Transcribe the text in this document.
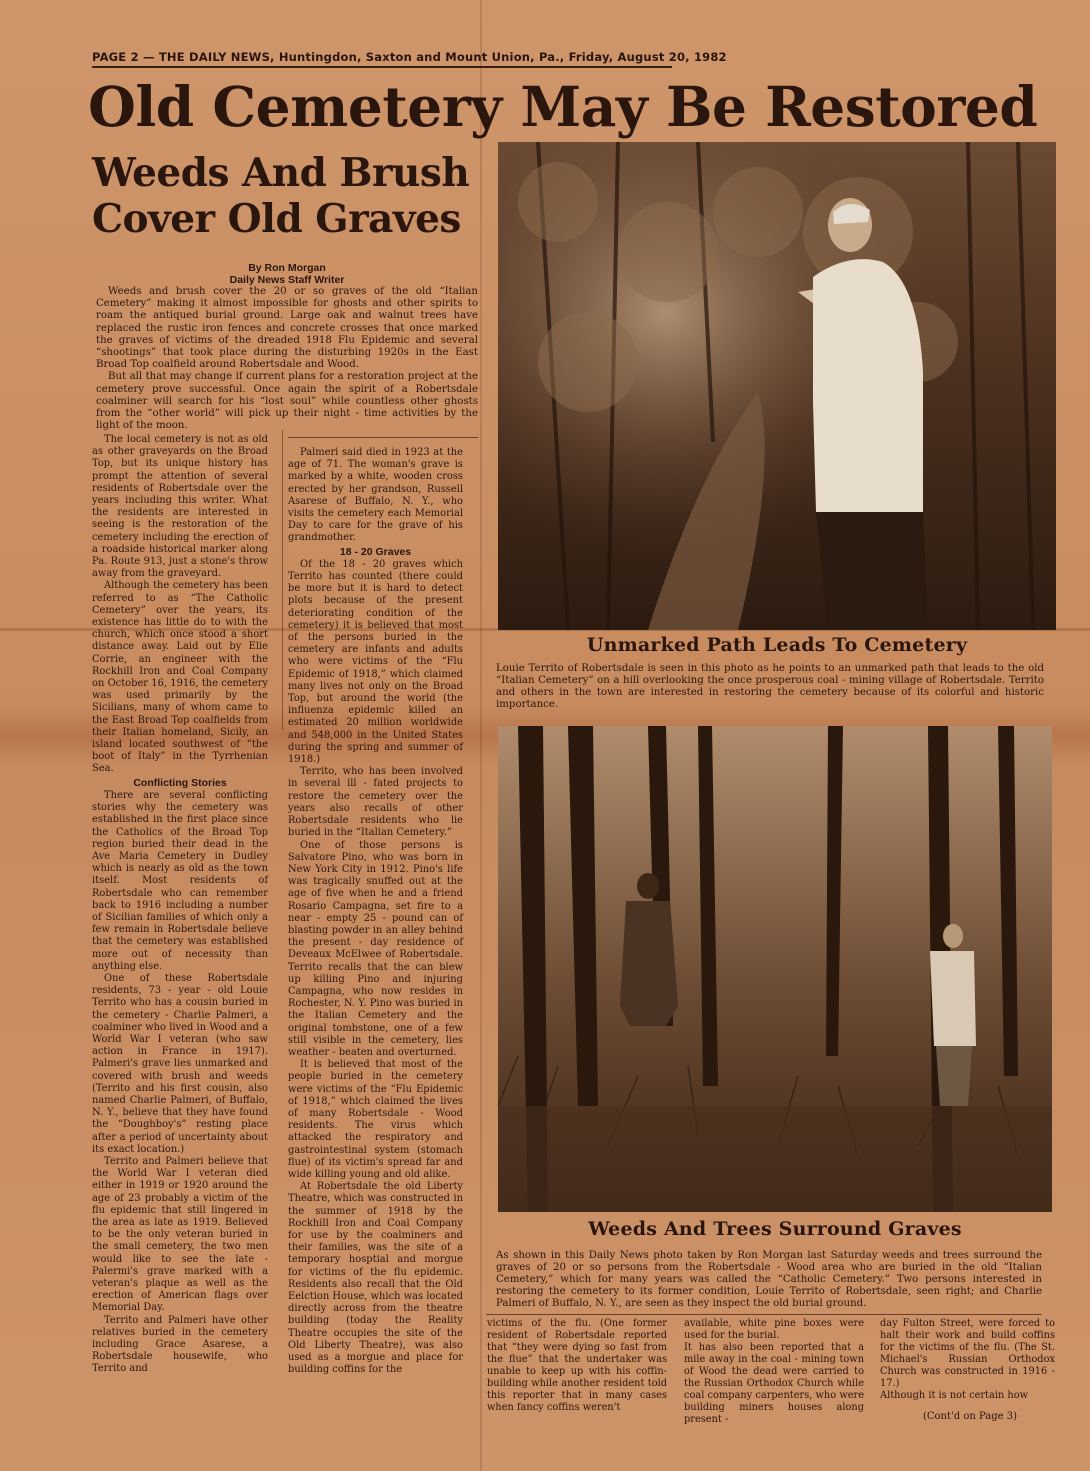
PAGE 2 — THE DAILY NEWS, Huntingdon, Saxton and Mount Union, Pa., Friday, August 20, 1982
Old Cemetery May Be Restored
Weeds And Brush
Cover Old Graves
By Ron Morgan
Daily News Staff Writer

Weeds and brush cover the 20 or so graves of the old “Italian Cemetery” making it almost impossible for ghosts and other spirits to roam the antiqued burial ground. Large oak and walnut trees have replaced the rustic iron fences and concrete crosses that once marked the graves of victims of the dreaded 1918 Flu Epidemic and several “shootings” that took place during the disturbing 1920s in the East Broad Top coalfield around Robertsdale and Wood.

But all that may change if current plans for a restoration project at the cemetery prove successful. Once again the spirit of a Robertsdale coalminer will search for his “lost soul” while countless other ghosts from the “other world” will pick up their night - time activities by the light of the moon.

The local cemetery is not as old as other graveyards on the Broad Top, but its unique history has prompt the attention of several residents of Robertsdale over the years including this writer. What the residents are interested in seeing is the restoration of the cemetery including the erection of a roadside historical marker along Pa. Route 913, just a stone's throw away from the graveyard.

Although the cemetery has been referred to as “The Catholic Cemetery” over the years, its existence has little do to with the church, which once stood a short distance away. Laid out by Elie Corrie, an engineer with the Rockhill Iron and Coal Company on October 16, 1916, the cemetery was used primarily by the Sicilians, many of whom came to the East Broad Top coalfields from their Italian homeland, Sicily, an island located southwest of “the boot of Italy” in the Tyrrhenian Sea.

Conflicting Stories

There are several conflicting stories why the cemetery was established in the first place since the Catholics of the Broad Top region buried their dead in the Ave Maria Cemetery in Dudley which is nearly as old as the town itself. Most residents of Robertsdale who can remember back to 1916 including a number of Sicilian families of which only a few remain in Robertsdale believe that the cemetery was established more out of necessity than anything else.

One of these Robertsdale residents, 73 - year - old Louie Territo who has a cousin buried in the cemetery - Charlie Palmeri, a coalminer who lived in Wood and a World War I veteran (who saw action in France in 1917). Palmeri's grave lies unmarked and covered with brush and weeds (Territo and his first cousin, also named Charlie Palmeri, of Buffalo, N. Y., believe that they have found the “Doughboy's” resting place after a period of uncertainty about its exact location.)

Territo and Palmeri believe that the World War I veteran died either in 1919 or 1920 around the age of 23 probably a victim of the flu epidemic that still lingered in the area as late as 1919. Believed to be the only veteran buried in the small cemetery, the two men would like to see the late - Palermi's grave marked with a veteran's plaque as well as the erection of American flags over Memorial Day.

Territo and Palmeri have other relatives buried in the cemetery including Grace Asarese, a Robertsdale housewife, who Territo and

Palmeri said died in 1923 at the age of 71. The woman's grave is marked by a white, wooden cross erected by her grandson, Russell Asarese of Buffalo, N. Y., who visits the cemetery each Memorial Day to care for the grave of his grandmother.

18 - 20 Graves

Of the 18 - 20 graves which Territo has counted (there could be more but it is hard to detect plots because of the present deteriorating condition of the cemetery) it is believed that most of the persons buried in the cemetery are infants and adults who were victims of the “Flu Epidemic of 1918,” which claimed many lives not only on the Broad Top, but around the world (the influenza epidemic killed an estimated 20 million worldwide and 548,000 in the United States during the spring and summer of 1918.)

Territo, who has been involved in several ill - fated projects to restore the cemetery over the years also recalls of other Robertsdale residents who lie buried in the “Italian Cemetery.”

One of those persons is Salvatore Pino, who was born in New York City in 1912. Pino's life was tragically snuffed out at the age of five when he and a friend Rosario Campagna, set fire to a near - empty 25 - pound can of blasting powder in an alley behind the present - day residence of Deveaux McElwee of Robertsdale. Territo recalls that the can blew up killing Pino and injuring Campagna, who now resides in Rochester, N. Y. Pino was buried in the Italian Cemetery and the original tombstone, one of a few still visible in the cemetery, lies weather - beaten and overturned.

It is believed that most of the people buried in the cemetery were victims of the “Flu Epidemic of 1918,” which claimed the lives of many Robertsdale - Wood residents. The virus which attacked the respiratory and gastrointestinal system (stomach flue) of its victim's spread far and wide killing young and old alike.

At Robertsdale the old Liberty Theatre, which was constructed in the summer of 1918 by the Rockhill Iron and Coal Company for use by the coalminers and their families, was the site of a temporary hosptial and morgue for victims of the flu epidemic. Residents also recall that the Old Eelction House, which was located directly across from the theatre building (today the Reality Theatre occupies the site of the Old Liberty Theatre), was also used as a morgue and place for building coffins for the

Unmarked Path Leads To Cemetery
Louie Territo of Robertsdale is seen in this photo as he points to an unmarked path that leads to the old “Italian Cemetery” on a hill overlooking the once prosperous coal - mining village of Robertsdale. Territo and others in the town are interested in restoring the cemetery because of its colorful and historic importance.
Weeds And Trees Surround Graves
As shown in this Daily News photo taken by Ron Morgan last Saturday weeds and trees surround the graves of 20 or so persons from the Robertsdale - Wood area who are buried in the old “Italian Cemetery,” which for many years was called the “Catholic Cemetery.” Two persons interested in restoring the cemetery to its former condition, Louie Territo of Robertsdale, seen right; and Charlie Palmeri of Buffalo, N. Y., are seen as they inspect the old burial ground.
victims of the flu. (One former resident of Robertsdale reported that “they were dying so fast from the flue” that the undertaker was unable to keep up with his coffin-building while another resident told this reporter that in many cases when fancy coffins weren't
available, white pine boxes were used for the burial.
It has also been reported that a mile away in the coal - mining town of Wood the dead were carried to the Russian Orthodox Church while coal company carpenters, who were building miners houses along present -
day Fulton Street, were forced to halt their work and build coffins for the victims of the flu. (The St. Michael's Russian Orthodox Church was constructed in 1916 - 17.)
Although it is not certain how
(Cont'd on Page 3)
